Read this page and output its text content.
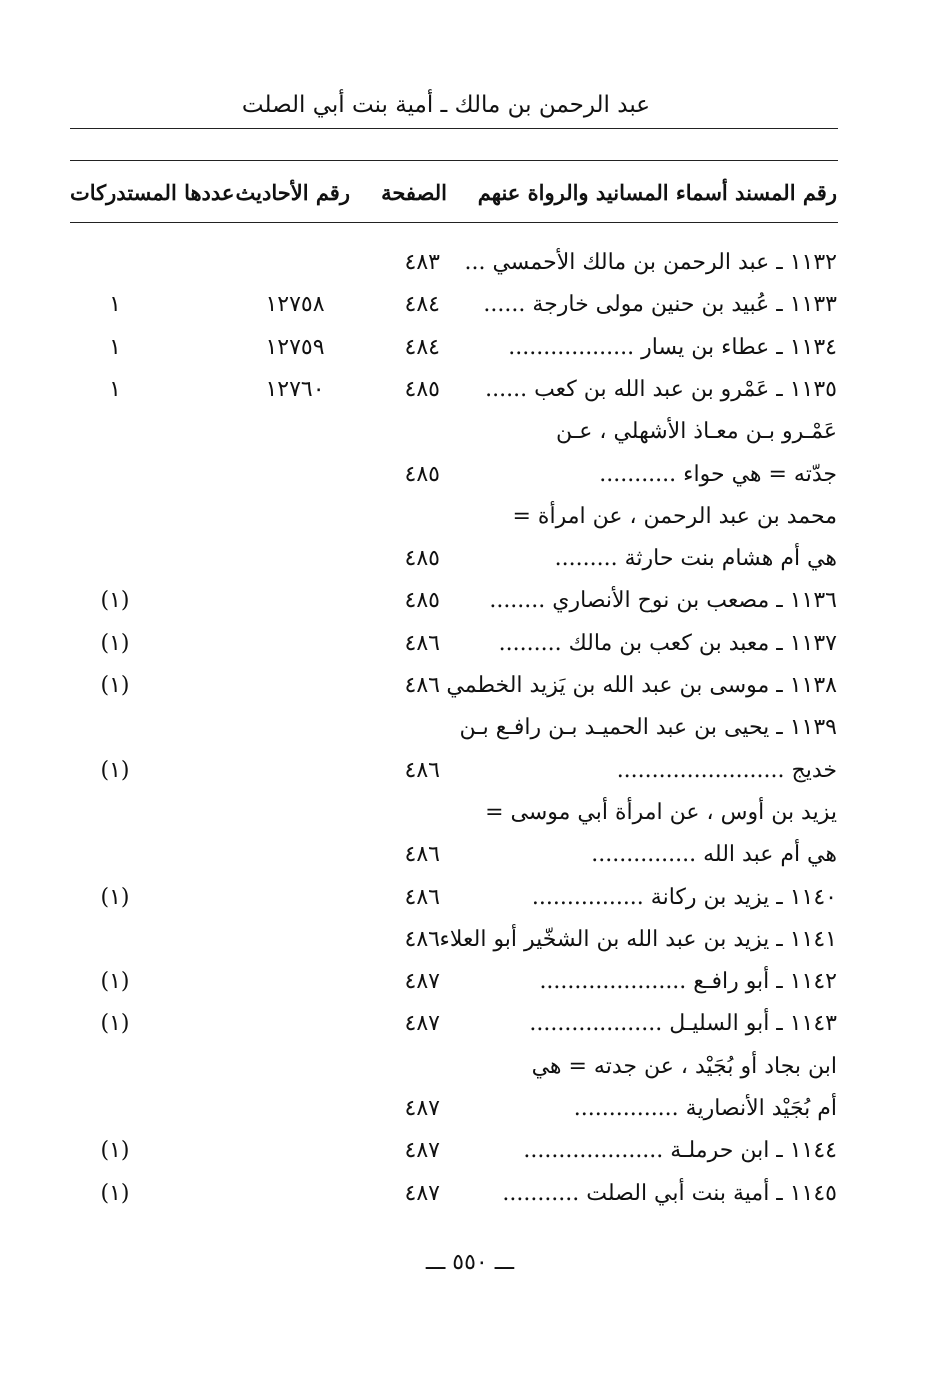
عبد الرحمن بن مالك ـ أمية بنت أبي الصلت
رقم المسند أسماء المسانيد والرواة عنهم
الصفحة
رقم الأحاديث
عددها المستدركات
١١٣٢ ـ عبد الرحمن بن مالك الأحمسي ...
٤٨٣
١١٣٣ ـ عُبيد بن حنين مولى خارجة ......
٤٨٤
١٢٧٥٨
١
١١٣٤ ـ عطاء بن يسار ..................
٤٨٤
١٢٧٥٩
١
١١٣٥ ـ عَمْرو بن عبد الله بن كعب ......
٤٨٥
١٢٧٦٠
١
عَمْـرو بـن معـاذ الأشهلي ، عـن
جدّته = هي حواء ...........
٤٨٥
محمد بن عبد الرحمن ، عن امرأة =
هي أم هشام بنت حارثة .........
٤٨٥
١١٣٦ ـ مصعب بن نوح الأنصاري ........
٤٨٥
(١)
١١٣٧ ـ معبد بن كعب بن مالك .........
٤٨٦
(١)
١١٣٨ ـ موسى بن عبد الله بن يَزيد الخطمي
٤٨٦
(١)
١١٣٩ ـ يحيى بن عبد الحميـد بـن رافـع بـن
خديج ........................
٤٨٦
(١)
يزيد بن أوس ، عن امرأة أبي موسى =
هي أم عبد الله ...............
٤٨٦
١١٤٠ ـ يزيد بن ركانة ................
٤٨٦
(١)
١١٤١ ـ يزيد بن عبد الله بن الشخّير أبو العلاء
٤٨٦
١١٤٢ ـ أبو رافـع .....................
٤٨٧
(١)
١١٤٣ ـ أبو السليـل ...................
٤٨٧
(١)
ابن بجاد أو بُجَيْد ، عن جدته = هي
أم بُجَيْد الأنصارية ...............
٤٨٧
١١٤٤ ـ ابن حرملـة ....................
٤٨٧
(١)
١١٤٥ ـ أمية بنت أبي الصلت ...........
٤٨٧
(١)
ـــ ٥٥٠ ـــ
